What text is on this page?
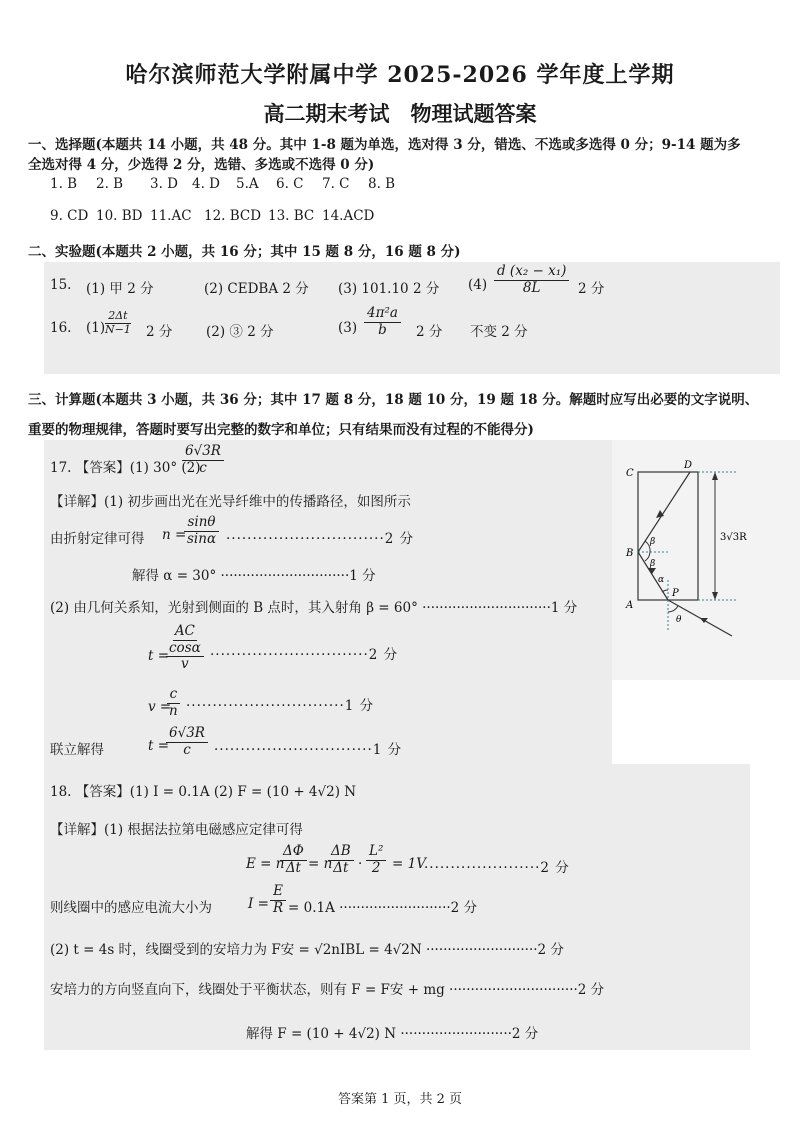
哈尔滨师范大学附属中学 2025-2026 学年度上学期
高二期末考试　物理试题答案
一、选择题(本题共 14 小题，共 48 分。其中 1-8 题为单选，选对得 3 分，错选、不选或多选得 0 分；9-14 题为多
全选对得 4 分，少选得 2 分，选错、多选或不选得 0 分)
1. B 2. B 3. D 4. D 5.A 6. C 7. C 8. B
9. CD 10. BD 11.AC 12. BCD 13. BC 14.ACD
二、实验题(本题共 2 小题，共 16 分；其中 15 题 8 分，16 题 8 分)
15. (1) 甲 2 分	(2) CEDBA 2 分 (3) 101.10 2 分 $(4) \frac{\text{d (x₂ − x₁)}}{8L} 2$ 分
16. (1)
$\frac{2\Delta t}{N-1} 2$ 分 (2) ③ 2 分	$(3) \frac{\text{4π²a}}{b} 2$ 分 不变 2 分
三、计算题(本题共 3 小题，共 36 分；其中 17 题 8 分，18 题 10 分，19 题 18 分。解题时应写出必要的文字说明、
重要的物理规律，答题时要写出完整的数字和单位；只有结果而没有过程的不能得分)
17. 【答案】(1) 30° (2)
$\frac{6√3R}{c}$
【详解】(1) 初步画出光在光导纤维中的传播路径，如图所示
由折射定律可得 n =
$\frac{\sin\theta}{\sin\alpha} \cdot\cdot\cdot\cdot\cdot\cdot\cdot\cdot\cdot\cdot\cdot\cdot\cdot\cdot\cdot\cdot\cdot\cdot\cdot\cdot\cdot\cdot\cdot\cdot\cdot\cdot\cdot\cdot\cdot\cdot 2$ 分
解得 α = 30° ······························1 分
(2) 由几何关系知，光射到侧面的 B 点时，其入射角 β = 60° ······························1 分
t =
AC
cosα
v ······························2 分
v =
$\frac{c}{n} \cdot\cdot\cdot\cdot\cdot\cdot\cdot\cdot\cdot\cdot\cdot\cdot\cdot\cdot\cdot\cdot\cdot\cdot\cdot\cdot\cdot\cdot\cdot\cdot\cdot\cdot\cdot\cdot\cdot\cdot 1$ 分
联立解得	t =
$\frac{6√3R}{c} \cdot\cdot\cdot\cdot\cdot\cdot\cdot\cdot\cdot\cdot\cdot\cdot\cdot\cdot\cdot\cdot\cdot\cdot\cdot\cdot\cdot\cdot\cdot\cdot\cdot\cdot\cdot\cdot\cdot\cdot 1$ 分
C
D
B
A
P
β
β
α
θ
3√3R
18. 【答案】(1) I = 0.1A (2) F = (10 + 4√2) N
【详解】(1) 根据法拉第电磁感应定律可得
E = n
$\frac{\Delta\Phi}{\Delta t} = n$
$\frac{\Delta B}{\Delta t} \cdot \frac{\text{L²}}{2} = 1V$
······················2 分
则线圈中的感应电流大小为	$I = \frac{E}{R} = 0.1A \cdot\cdot\cdot\cdot\cdot\cdot\cdot\cdot\cdot\cdot\cdot\cdot\cdot\cdot\cdot\cdot\cdot\cdot\cdot\cdot\cdot\cdot\cdot\cdot\cdot\cdot 2$ 分
(2) t = 4s 时，线圈受到的安培力为 F安 = √2nIBL = 4√2N ··························2 分
安培力的方向竖直向下，线圈处于平衡状态，则有 F = F安 + mg ······························2 分
解得 F = (10 + 4√2) N ··························2 分
答案第 1 页，共 2 页
